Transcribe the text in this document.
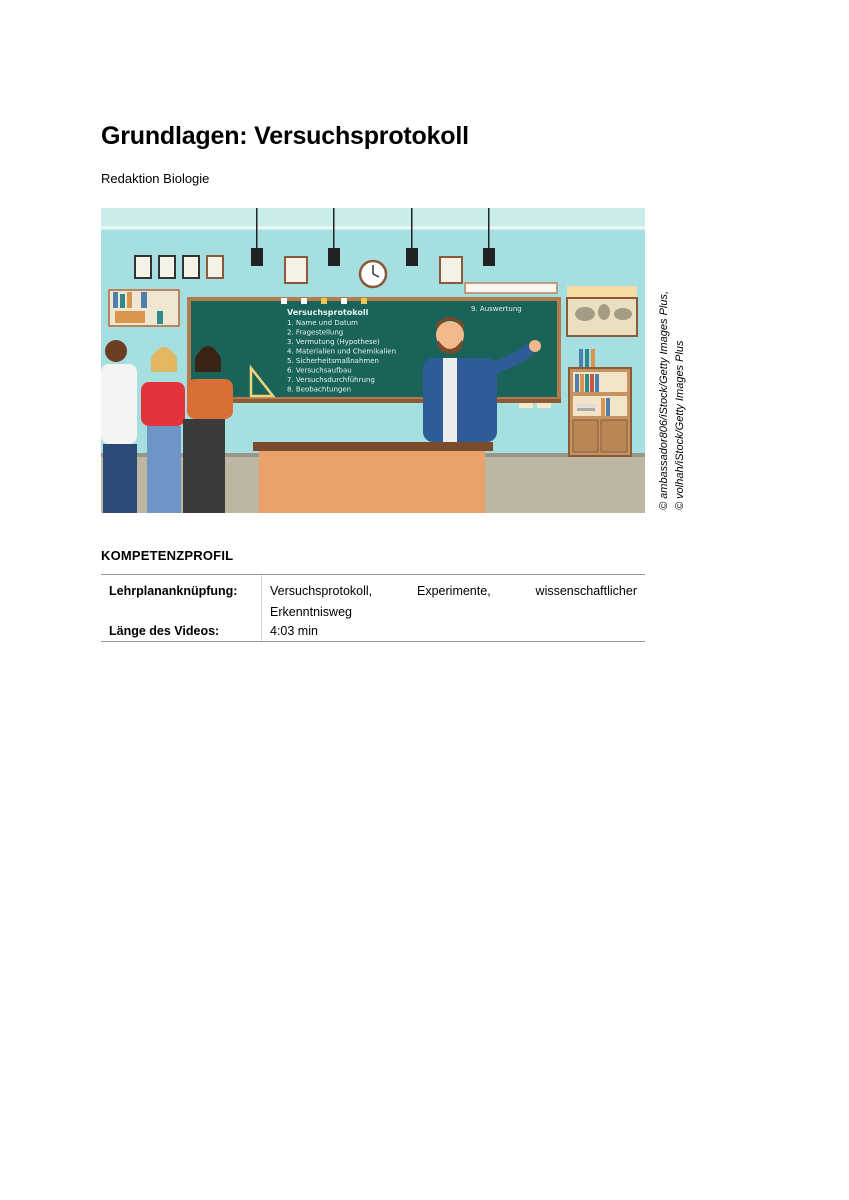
Grundlagen: Versuchsprotokoll
Redaktion Biologie
Versuchsprotokoll
1. Name und Datum
2. Fragestellung
3. Vermutung (Hypothese)
4. Materialien und Chemikalien
5. Sicherheitsmaßnahmen
6. Versuchsaufbau
7. Versuchsdurchführung
8. Beobachtungen
9. Auswertung	© ambassador806/iStock/Getty Images Plus, © volhah/iStock/Getty Images Plus
KOMPETENZPROFIL
Lehrplananknüpfung:	Versuchsprotokoll,	Experimente,	wissenschaftlicher
Erkenntnisweg
Länge des Videos:	4:03 min
